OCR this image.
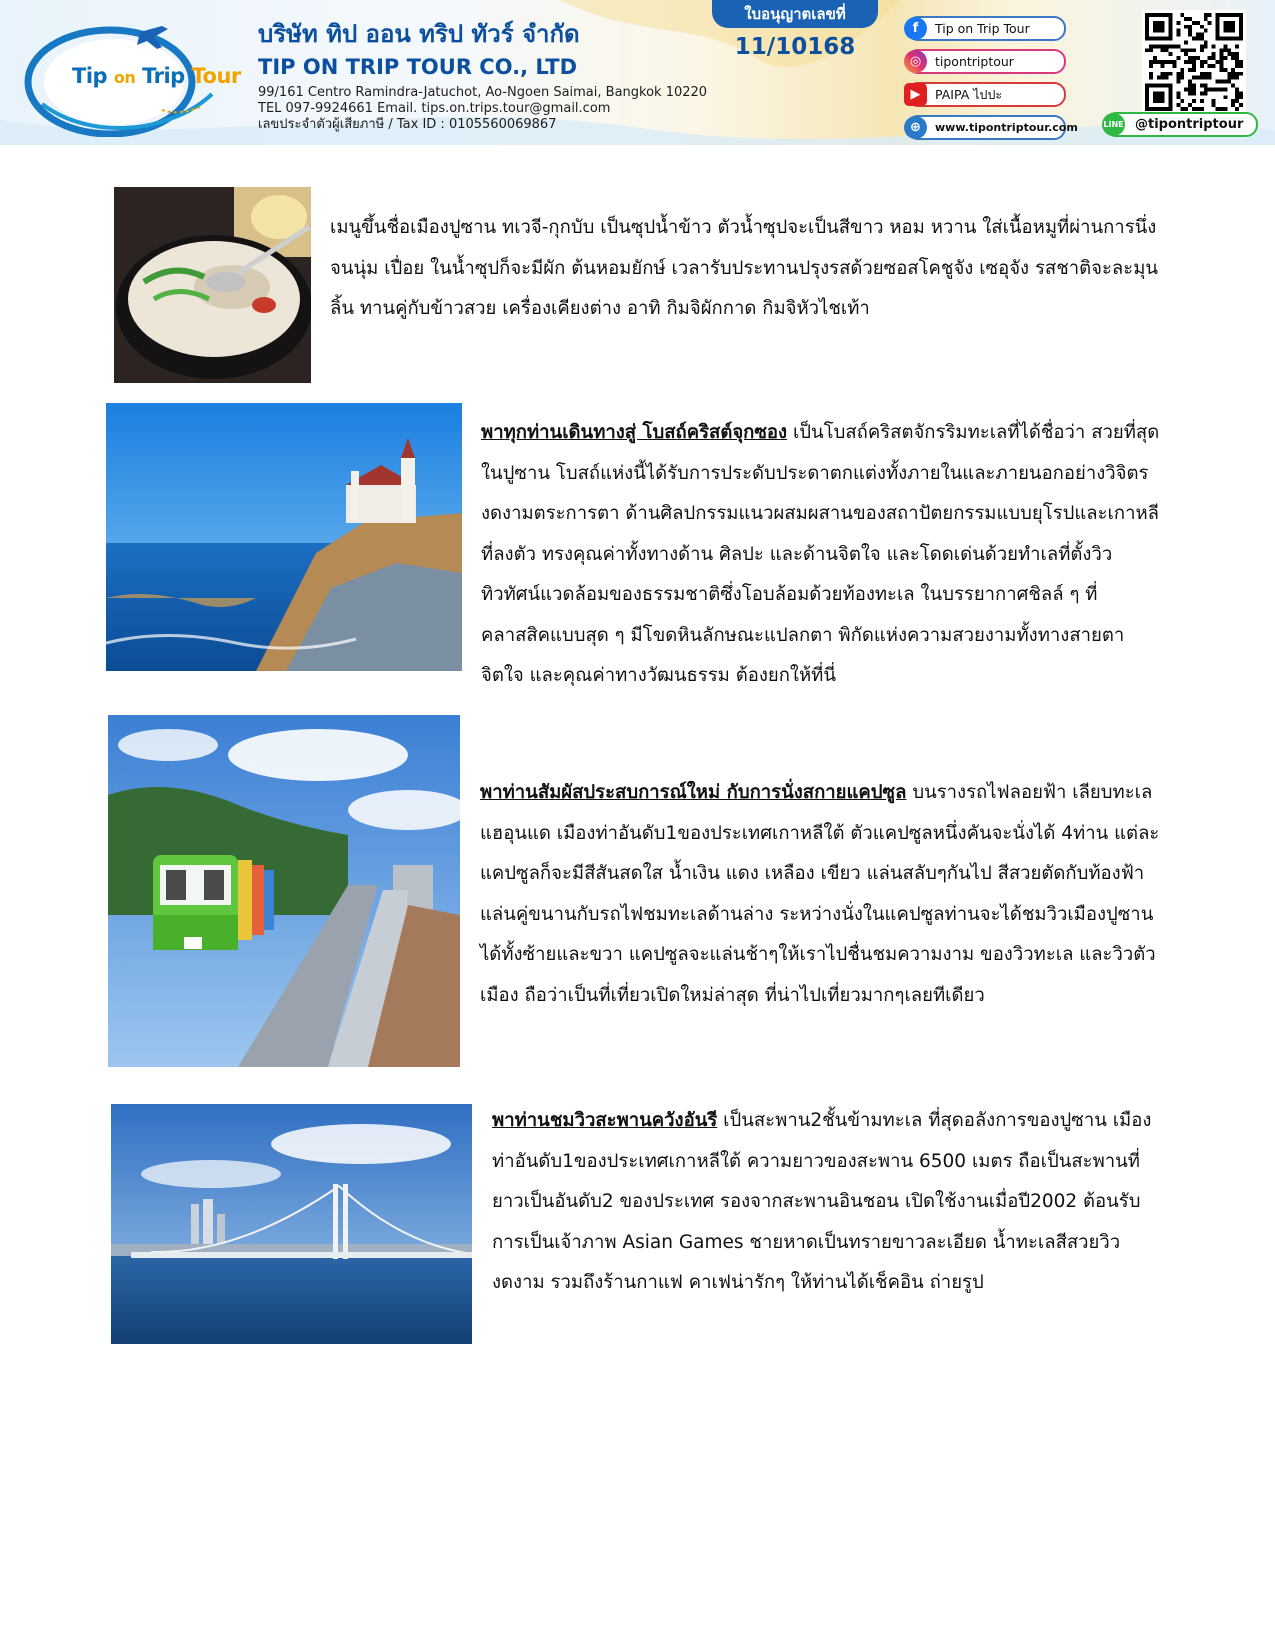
Tip on Trip Tour
บริษัท ทิป ออน ทริป ทัวร์ จำกัด
TIP ON TRIP TOUR CO., LTD
99/161 Centro Ramindra-Jatuchot, Ao-Ngoen Saimai, Bangkok 10220
TEL 097-9924661 Email. tips.on.trips.tour@gmail.com
เลขประจำตัวผู้เสียภาษี / Tax ID : 0105560069867
ใบอนุญาตเลขที่
11/10168
f	Tip on Trip Tour
◎	tipontriptour
▶	PAIPA ไปปะ
⊕	www.tipontriptour.com	LINE @tipontriptour
เมนูขึ้นชื่อเมืองปูซาน ทเวจี-กุกบับ เป็นซุปน้ำข้าว ตัวน้ำซุปจะเป็นสีขาว หอม หวาน ใส่เนื้อหมูที่ผ่านการนึ่งจนนุ่ม เปื่อย ในน้ำซุปก็จะมีผัก ต้นหอมยักษ์ เวลารับประทานปรุงรสด้วยซอสโคชูจัง เซอุจัง รสชาติจะละมุนลิ้น ทานคู่กับข้าวสวย เครื่องเคียงต่าง อาทิ กิมจิผักกาด กิมจิหัวไชเท้า
พาทุกท่านเดินทางสู่ โบสถ์คริสต์จุกซอง เป็นโบสถ์คริสตจักรริมทะเลที่ได้ชื่อว่า สวยที่สุดในปูซาน โบสถ์แห่งนี้ได้รับการประดับประดาตกแต่งทั้งภายในและภายนอกอย่างวิจิตรงดงามตระการตา ด้านศิลปกรรมแนวผสมผสานของสถาปัตยกรรมแบบยุโรปและเกาหลีที่ลงตัว ทรงคุณค่าทั้งทางด้าน ศิลปะ และด้านจิตใจ และโดดเด่นด้วยทำเลที่ตั้งวิวทิวทัศน์แวดล้อมของธรรมชาติซึ่งโอบล้อมด้วยท้องทะเล ในบรรยากาศชิลล์ ๆ ที่คลาสสิคแบบสุด ๆ มีโขดหินลักษณะแปลกตา พิกัดแห่งความสวยงามทั้งทางสายตา จิตใจ และคุณค่าทางวัฒนธรรม ต้องยกให้ที่นี่
พาท่านสัมผัสประสบการณ์ใหม่ กับการนั่งสกายแคปซูล บนรางรถไฟลอยฟ้า เลียบทะเลแฮอุนแด เมืองท่าอันดับ1ของประเทศเกาหลีใต้ ตัวแคปซูลหนึ่งคันจะนั่งได้ 4ท่าน แต่ละแคปซูลก็จะมีสีสันสดใส น้ำเงิน แดง เหลือง เขียว แล่นสลับๆกันไป สีสวยตัดกับท้องฟ้า แล่นคู่ขนานกับรถไฟชมทะเลด้านล่าง ระหว่างนั่งในแคปซูลท่านจะได้ชมวิวเมืองปูซานได้ทั้งซ้ายและขวา แคปซูลจะแล่นช้าๆให้เราไปชื่นชมความงาม ของวิวทะเล และวิวตัวเมือง ถือว่าเป็นที่เที่ยวเปิดใหม่ล่าสุด ที่น่าไปเที่ยวมากๆเลยทีเดียว
พาท่านชมวิวสะพานควังอันรี เป็นสะพาน2ชั้นข้ามทะเล ที่สุดอลังการของปูซาน เมืองท่าอันดับ1ของประเทศเกาหลีใต้ ความยาวของสะพาน 6500 เมตร ถือเป็นสะพานที่ยาวเป็นอันดับ2 ของประเทศ รองจากสะพานอินชอน เปิดใช้งานเมื่อปี2002 ต้อนรับการเป็นเจ้าภาพ Asian Games ชายหาดเป็นทรายขาวละเอียด น้ำทะเลสีสวยวิวงดงาม รวมถึงร้านกาแฟ คาเฟน่ารักๆ ให้ท่านได้เช็คอิน ถ่ายรูป
